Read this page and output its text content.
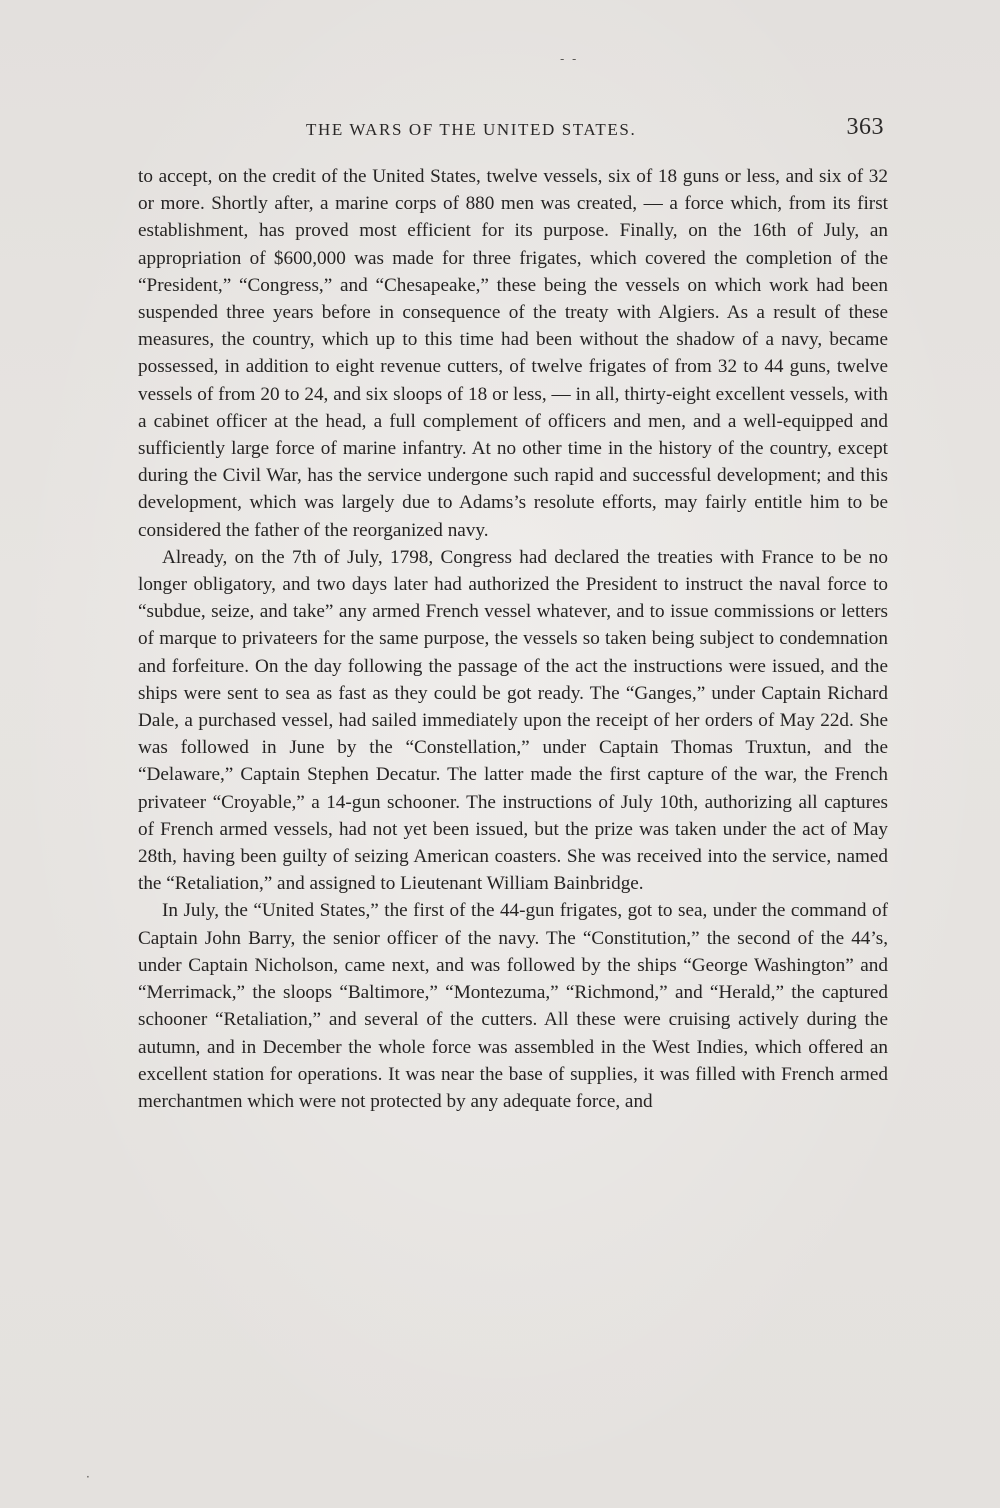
THE WARS OF THE UNITED STATES.	363

to accept, on the credit of the United States, twelve vessels, six of 18 guns or less, and six of 32 or more. Shortly after, a marine corps of 880 men was created, — a force which, from its first establishment, has proved most efficient for its purpose. Finally, on the 16th of July, an appropriation of $600,000 was made for three frigates, which covered the completion of the “President,” “Congress,” and “Chesapeake,” these being the vessels on which work had been suspended three years before in consequence of the treaty with Algiers. As a result of these measures, the country, which up to this time had been without the shadow of a navy, became possessed, in addition to eight revenue cutters, of twelve frigates of from 32 to 44 guns, twelve vessels of from 20 to 24, and six sloops of 18 or less, — in all, thirty-eight excellent vessels, with a cabinet officer at the head, a full complement of officers and men, and a well-equipped and sufficiently large force of marine infantry. At no other time in the history of the country, except during the Civil War, has the service undergone such rapid and successful development; and this development, which was largely due to Adams’s resolute efforts, may fairly entitle him to be considered the father of the reorganized navy.

Already, on the 7th of July, 1798, Congress had declared the treaties with France to be no longer obligatory, and two days later had authorized the President to instruct the naval force to “subdue, seize, and take” any armed French vessel whatever, and to issue commissions or letters of marque to privateers for the same purpose, the vessels so taken being subject to condemnation and forfeiture. On the day following the passage of the act the instructions were issued, and the ships were sent to sea as fast as they could be got ready. The “Ganges,” under Captain Richard Dale, a purchased vessel, had sailed immediately upon the receipt of her orders of May 22d. She was followed in June by the “Constellation,” under Captain Thomas Truxtun, and the “Delaware,” Captain Stephen Decatur. The latter made the first capture of the war, the French privateer “Croyable,” a 14-gun schooner. The instructions of July 10th, authorizing all captures of French armed vessels, had not yet been issued, but the prize was taken under the act of May 28th, having been guilty of seizing American coasters. She was received into the service, named the “Retaliation,” and assigned to Lieutenant William Bainbridge.

In July, the “United States,” the first of the 44-gun frigates, got to sea, under the command of Captain John Barry, the senior officer of the navy. The “Constitution,” the second of the 44’s, under Captain Nicholson, came next, and was followed by the ships “George Washington” and “Merrimack,” the sloops “Baltimore,” “Montezuma,” “Richmond,” and “Herald,” the captured schooner “Retaliation,” and several of the cutters. All these were cruising actively during the autumn, and in December the whole force was assembled in the West Indies, which offered an excellent station for operations. It was near the base of supplies, it was filled with French armed merchantmen which were not protected by any adequate force, and

-  -
·
